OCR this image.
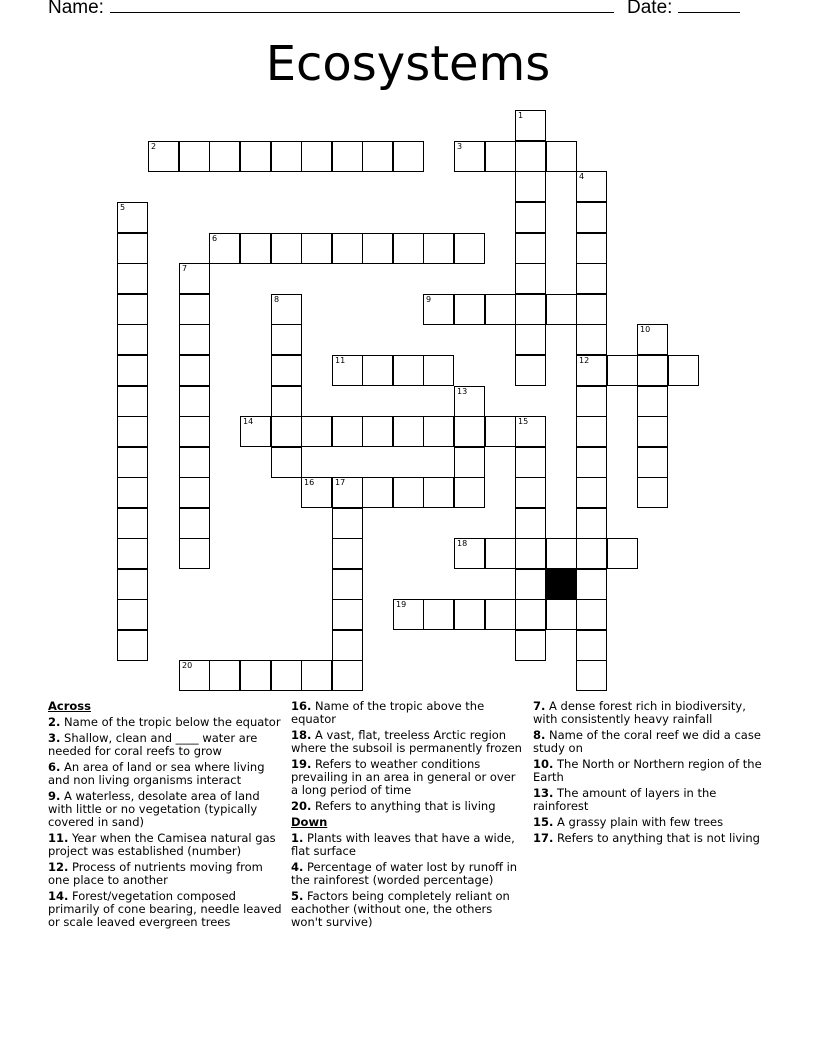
Name:	Date:
Ecosystems
1
2	3
4
5
6
7
8	9
10
11	12
13
14	15
16	17
18
19
20
Across
2. Name of the tropic below the equator
3. Shallow, clean and ____ water are needed for coral reefs to grow
6. An area of land or sea where living and non living organisms interact
9. A waterless, desolate area of land with little or no vegetation (typically covered in sand)
11. Year when the Camisea natural gas project was established (number)
12. Process of nutrients moving from one place to another
14. Forest/vegetation composed primarily of cone bearing, needle leaved or scale leaved evergreen trees
16. Name of the tropic above the equator
18. A vast, flat, treeless Arctic region where the subsoil is permanently frozen
19. Refers to weather conditions prevailing in an area in general or over a long period of time
20. Refers to anything that is living
Down
1. Plants with leaves that have a wide, flat surface
4. Percentage of water lost by runoff in the rainforest (worded percentage)
5. Factors being completely reliant on eachother (without one, the others won't survive)
7. A dense forest rich in biodiversity, with consistently heavy rainfall
8. Name of the coral reef we did a case study on
10. The North or Northern region of the Earth
13. The amount of layers in the rainforest
15. A grassy plain with few trees
17. Refers to anything that is not living
